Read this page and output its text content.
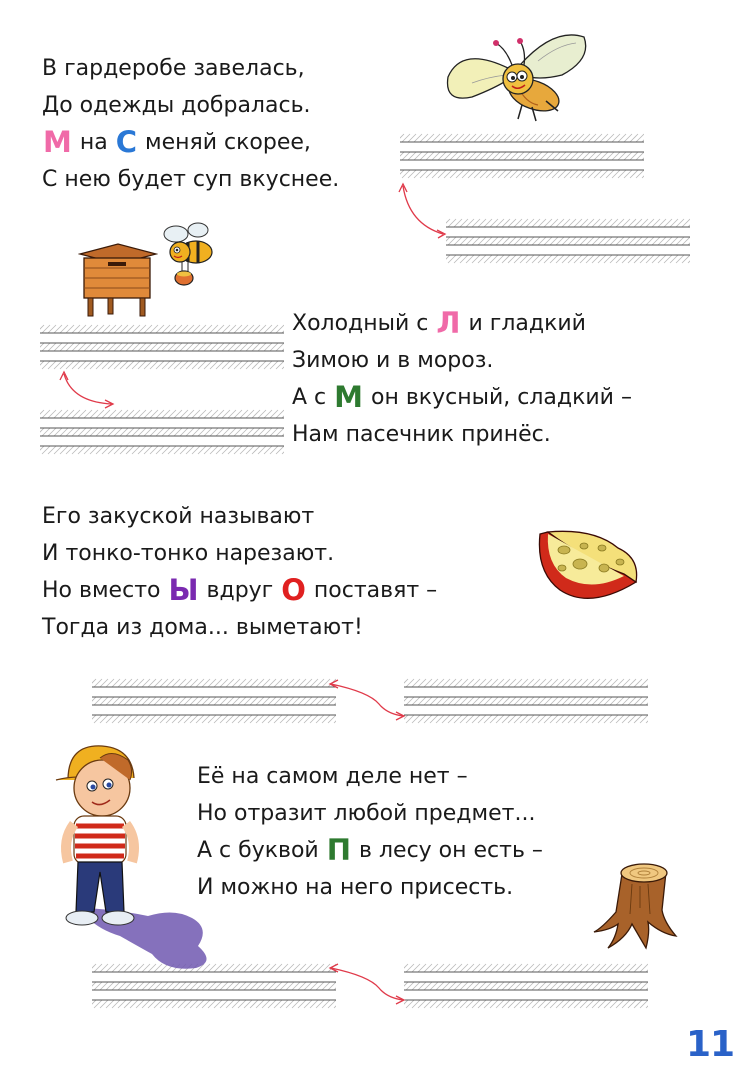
В гардеробе завелась,
До одежды добралась.
М на С меняй скорее,
С нею будет суп вкуснее.
Холодный с Л и гладкий
Зимою и в мороз.
А с М он вкусный, сладкий –
Нам пасечник принёс.
Его закуской называют
И тонко-тонко нарезают.
Но вместо Ы вдруг О поставят –
Тогда из дома... выметают!
Её на самом деле нет –
Но отразит любой предмет...
А с буквой П в лесу он есть –
И можно на него присесть.
11
